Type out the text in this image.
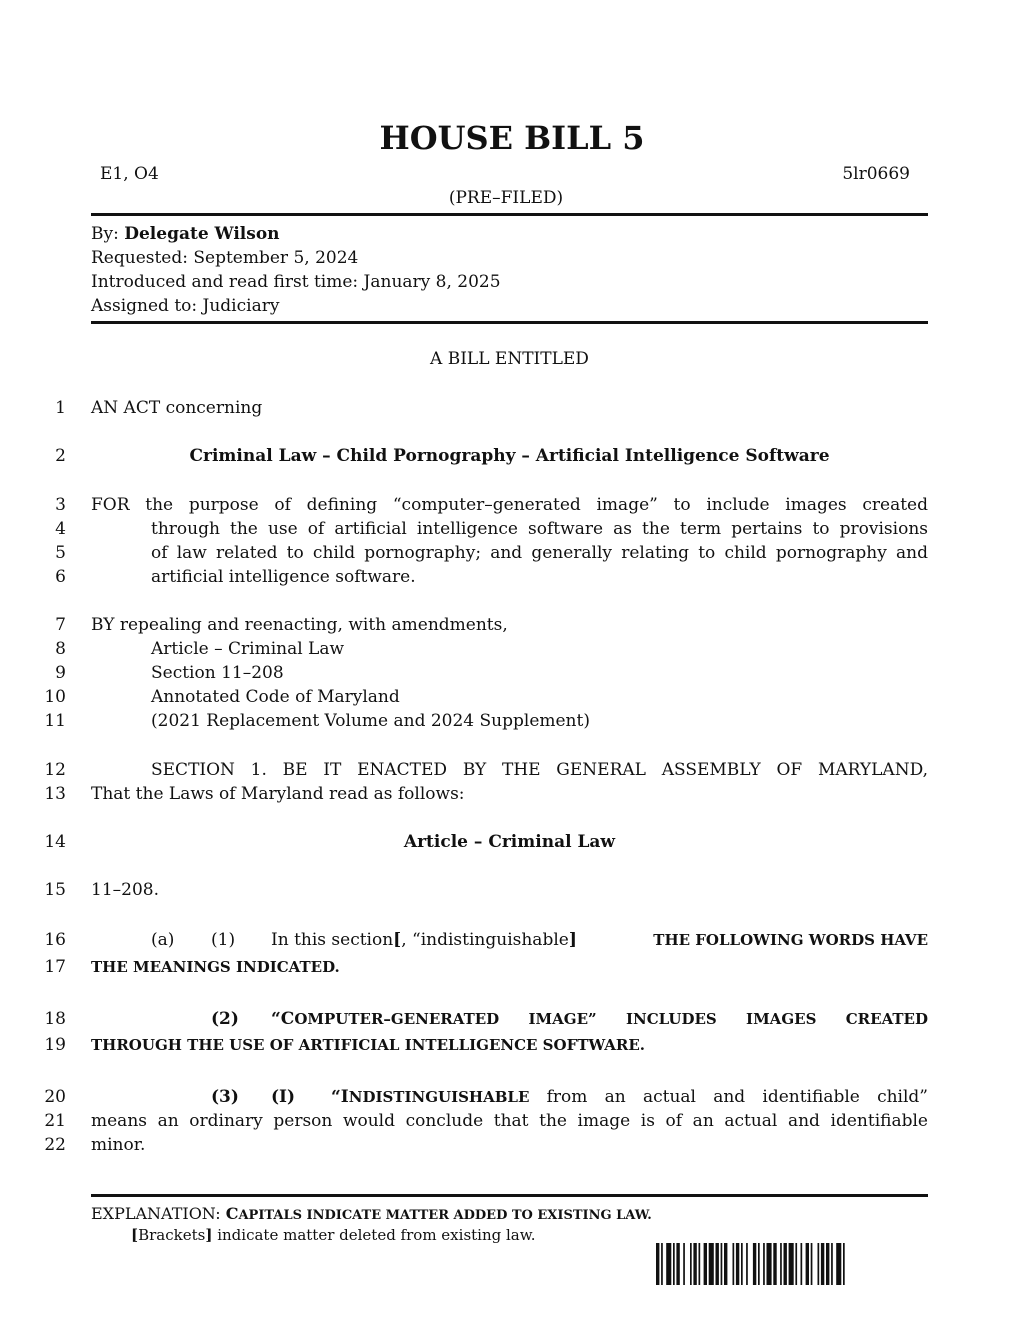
HOUSE BILL 5
E1, O4	5lr0669
(PRE–FILED)
By: Delegate Wilson
Requested: September 5, 2024
Introduced and read first time: January 8, 2025
Assigned to: Judiciary
A BILL ENTITLED
1
2
3
4
5
6
7
8
9
10
11
12
13
14
15
16
17
18
19
20
21
22
AN ACT concerning
Criminal Law – Child Pornography – Artificial Intelligence Software
FOR the purpose of defining “computer–generated image” to include images created
through the use of artificial intelligence software as the term pertains to provisions
of law related to child pornography; and generally relating to child pornography and
artificial intelligence software.
BY repealing and reenacting, with amendments,
Article – Criminal Law
Section 11–208
Annotated Code of Maryland
(2021 Replacement Volume and 2024 Supplement)
SECTION 1. BE IT ENACTED BY THE GENERAL ASSEMBLY OF MARYLAND,
That the Laws of Maryland read as follows:
Article – Criminal Law
11–208.
(a) (1) In this section[, “indistinguishable]	THE FOLLOWING WORDS HAVE
THE MEANINGS INDICATED.
(2) “COMPUTER–GENERATED IMAGE” INCLUDES IMAGES CREATED
THROUGH THE USE OF ARTIFICIAL INTELLIGENCE SOFTWARE.
(3) (I) “INDISTINGUISHABLE from an actual and identifiable child”
means an ordinary person would conclude that the image is of an actual and identifiable
minor.
EXPLANATION: CAPITALS INDICATE MATTER ADDED TO EXISTING LAW.
[Brackets] indicate matter deleted from existing law.
